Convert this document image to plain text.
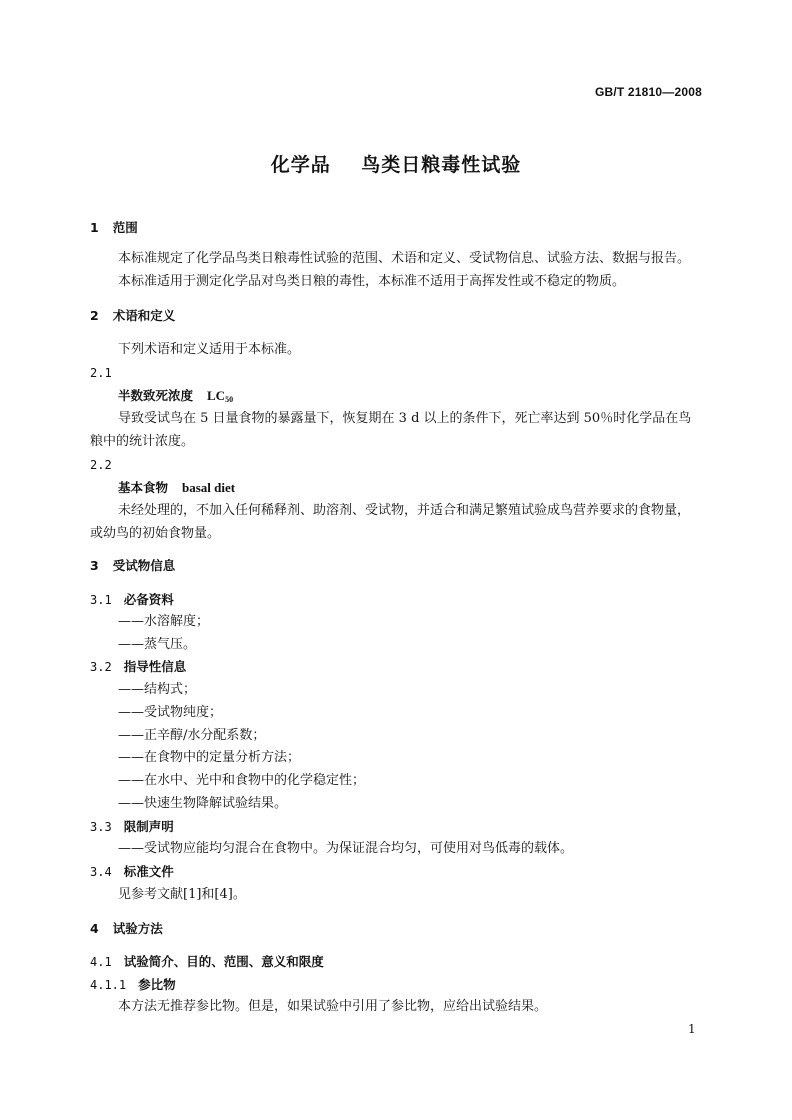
GB/T 21810—2008
化学品    鸟类日粮毒性试验
1 范围
本标准规定了化学品鸟类日粮毒性试验的范围、术语和定义、受试物信息、试验方法、数据与报告。
本标准适用于测定化学品对鸟类日粮的毒性，本标准不适用于高挥发性或不稳定的物质。
2 术语和定义
下列术语和定义适用于本标准。
2.1
半数致死浓度 $LC_{50}$
导致受试鸟在 5 日量食物的暴露量下，恢复期在 3 d 以上的条件下，死亡率达到 50％时化学品在鸟
粮中的统计浓度。
2.2
基本食物 basal diet
未经处理的，不加入任何稀释剂、助溶剂、受试物，并适合和满足繁殖试验成鸟营养要求的食物量，
或幼鸟的初始食物量。
3 受试物信息
3.1 必备资料
——水溶解度；
——蒸气压。
3.2 指导性信息
——结构式；
——受试物纯度；
——正辛醇/水分配系数；
——在食物中的定量分析方法；
——在水中、光中和食物中的化学稳定性；
——快速生物降解试验结果。
3.3 限制声明
——受试物应能均匀混合在食物中。为保证混合均匀，可使用对鸟低毒的载体。
3.4 标准文件
见参考文献[1]和[4]。
4 试验方法
4.1 试验简介、目的、范围、意义和限度
4.1.1 参比物
本方法无推荐参比物。但是，如果试验中引用了参比物，应给出试验结果。
1
